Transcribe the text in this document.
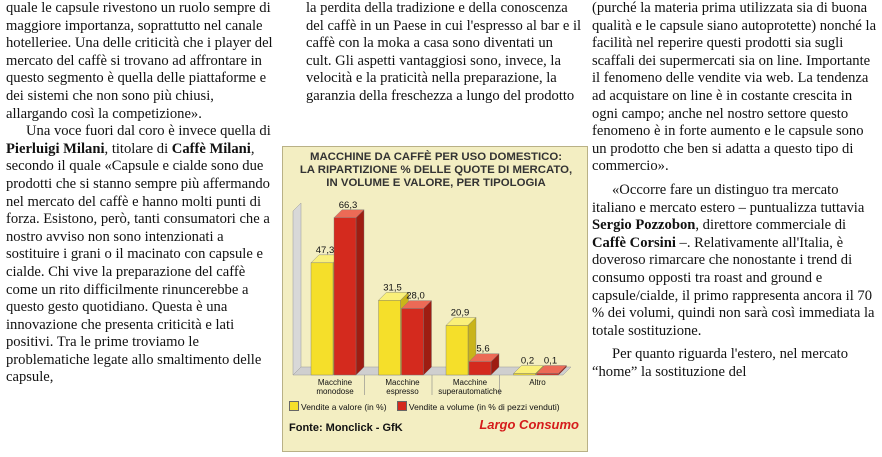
quale le capsule rivestono un ruolo sempre di maggiore importanza, soprattutto nel canale hotelleriee. Una delle criticità che i player del mercato del caffè si trovano ad affrontare in questo segmento è quella delle piattaforme e dei sistemi che non sono più chiusi, allargando così la competizione».

Una voce fuori dal coro è invece quella di Pierluigi Milani, titolare di Caffè Milani, secondo il quale «Capsule e cialde sono due prodotti che si stanno sempre più affermando nel mercato del caffè e hanno molti punti di forza. Esistono, però, tanti consumatori che a nostro avviso non sono intenzionati a sostituire i grani o il macinato con capsule e cialde. Chi vive la preparazione del caffè come un rito difficilmente rinuncerebbe a questo gesto quotidiano. Questa è una innovazione che presenta criticità e lati positivi. Tra le prime troviamo le problematiche legate allo smaltimento delle capsule,

la perdita della tradizione e della conoscenza del caffè in un Paese in cui l'espresso al bar e il caffè con la moka a casa sono diventati un cult. Gli aspetti vantaggiosi sono, invece, la velocità e la praticità nella preparazione, la garanzia della freschezza a lungo del prodotto

(purché la materia prima utilizzata sia di buona qualità e le capsule siano autoprotette) nonché la facilità nel reperire questi prodotti sia sugli scaffali dei supermercati sia on line. Importante il fenomeno delle vendite via web. La tendenza ad acquistare on line è in costante crescita in ogni campo; anche nel nostro settore questo fenomeno è in forte aumento e le capsule sono un prodotto che ben si adatta a questo tipo di commercio».

«Occorre fare un distinguo tra mercato italiano e mercato estero – puntualizza tuttavia Sergio Pozzobon, direttore commerciale di Caffè Corsini –. Relativamente all'Italia, è doveroso rimarcare che nonostante i trend di consumo opposti tra roast and ground e capsule/cialde, il primo rappresenta ancora il 70 % dei volumi, quindi non sarà così immediata la totale sostituzione.

Per quanto riguarda l'estero, nel mercato “home” la sostituzione del

MACCHINE DA CAFFÈ PER USO DOMESTICO:
LA RIPARTIZIONE % DELLE QUOTE DI MERCATO,
IN VOLUME E VALORE, PER TIPOLOGIA
47,3
66,3
Macchine
monodose
31,5
28,0
Macchine
espresso
20,9
5,6
Macchine
superautomatiche
0,2 0,1
Altro
Vendite a valore (in %)	Vendite a volume (in % di pezzi venduti)
Fonte: Monclick - GfK	Largo Consumo
